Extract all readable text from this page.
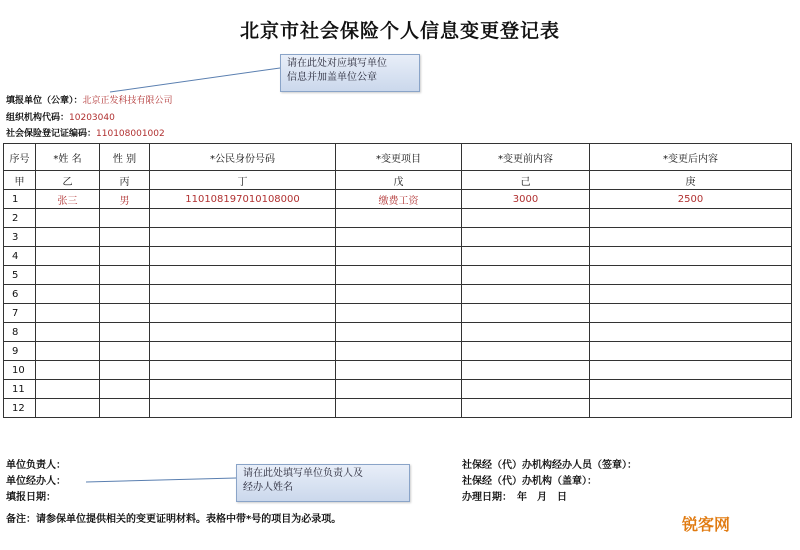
北京市社会保险个人信息变更登记表
请在此处对应填写单位
信息并加盖单位公章
填报单位（公章）：北京正发科技有限公司
组织机构代码：10203040
社会保险登记证编码：110108001002
序号	*姓 名	性 别	*公民身份号码	*变更项目	*变更前内容	*变更后内容
甲	乙	丙	丁	戊	己	庚
1	张三	男	110108197010108000	缴费工资	3000	2500
2						
3						
4						
5						
6						
7						
8						
9						
10						
11						
12						
请在此处填写单位负责人及
经办人姓名
单位负责人：
单位经办人：
填报日期：
社保经（代）办机构经办人员（签章）：
社保经（代）办机构（盖章）：
办理日期：　年　月　日
备注：请参保单位提供相关的变更证明材料。表格中带*号的项目为必录项。	锐客网
